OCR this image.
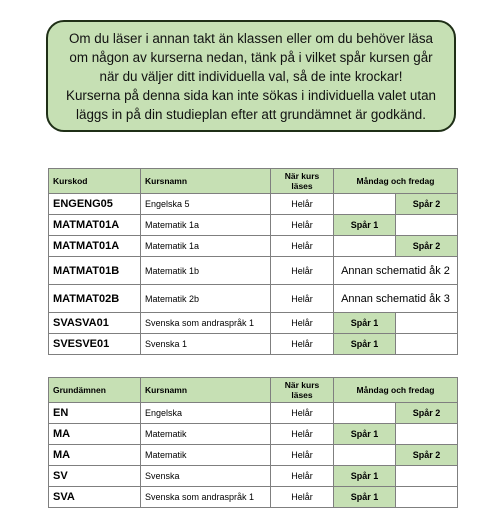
Om du läser i annan takt än klassen eller om du behöver läsa
om någon av kurserna nedan, tänk på i vilket spår kursen går
när du väljer ditt individuella val, så de inte krockar!
Kurserna på denna sida kan inte sökas i individuella valet utan
läggs in på din studieplan efter att grundämnet är godkänd.

Kurskod	Kursnamn	När kurs läses	Måndag och fredag	
ENGENG05	Engelska 5	Helår		Spår 2
MATMAT01A	Matematik 1a	Helår	Spår 1	
MATMAT01A	Matematik 1a	Helår		Spår 2
MATMAT01B	Matematik 1b	Helår	Annan schematid åk 2	
MATMAT02B	Matematik 2b	Helår	Annan schematid åk 3	
SVASVA01	Svenska som andraspråk 1	Helår	Spår 1	
SVESVE01	Svenska 1	Helår	Spår 1	
Grundämnen	Kursnamn	När kurs läses	Måndag och fredag	
EN	Engelska	Helår		Spår 2
MA	Matematik	Helår	Spår 1	
MA	Matematik	Helår		Spår 2
SV	Svenska	Helår	Spår 1	
SVA	Svenska som andraspråk 1	Helår	Spår 1	
